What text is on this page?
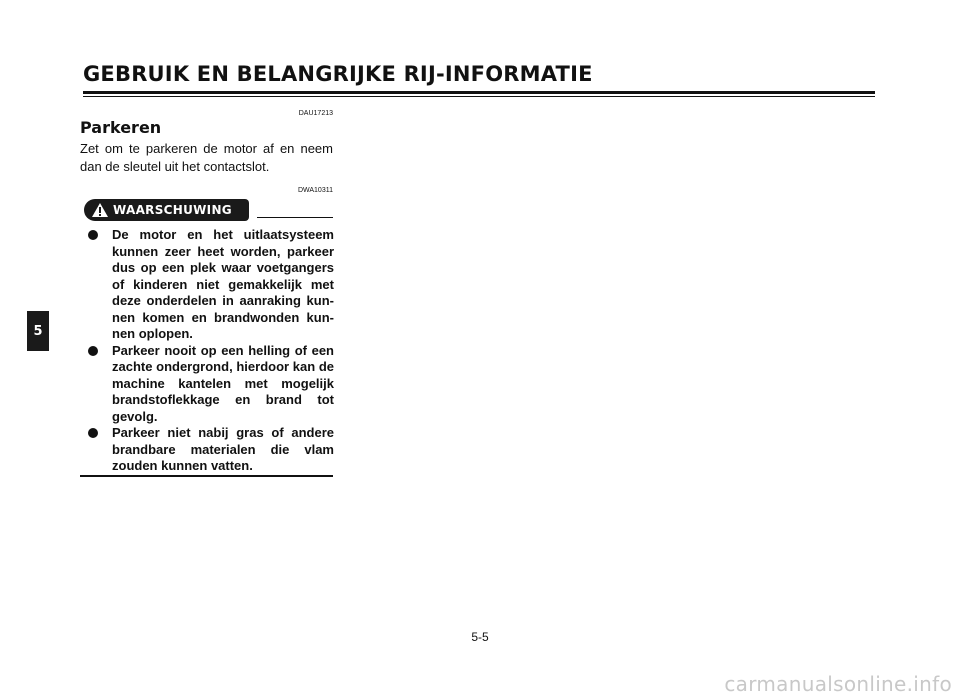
GEBRUIK EN BELANGRIJKE RIJ-INFORMATIE
5
DAU17213
Parkeren
Zet om te parkeren de motor af en neem dan de sleutel uit het contactslot.
DWA10311
WAARSCHUWING
De motor en het uitlaatsysteem kunnen zeer heet worden, parkeer dus op een plek waar voetgangers of kinderen niet gemakkelijk met deze onderdelen in aanraking kun-nen komen en brandwonden kun-nen oplopen.
Parkeer nooit op een helling of een zachte ondergrond, hierdoor kan de machine kantelen met mogelijk brandstoflekkage en brand tot gevolg.
Parkeer niet nabij gras of andere brandbare materialen die vlam zouden kunnen vatten.
5-5
carmanualsonline.info
